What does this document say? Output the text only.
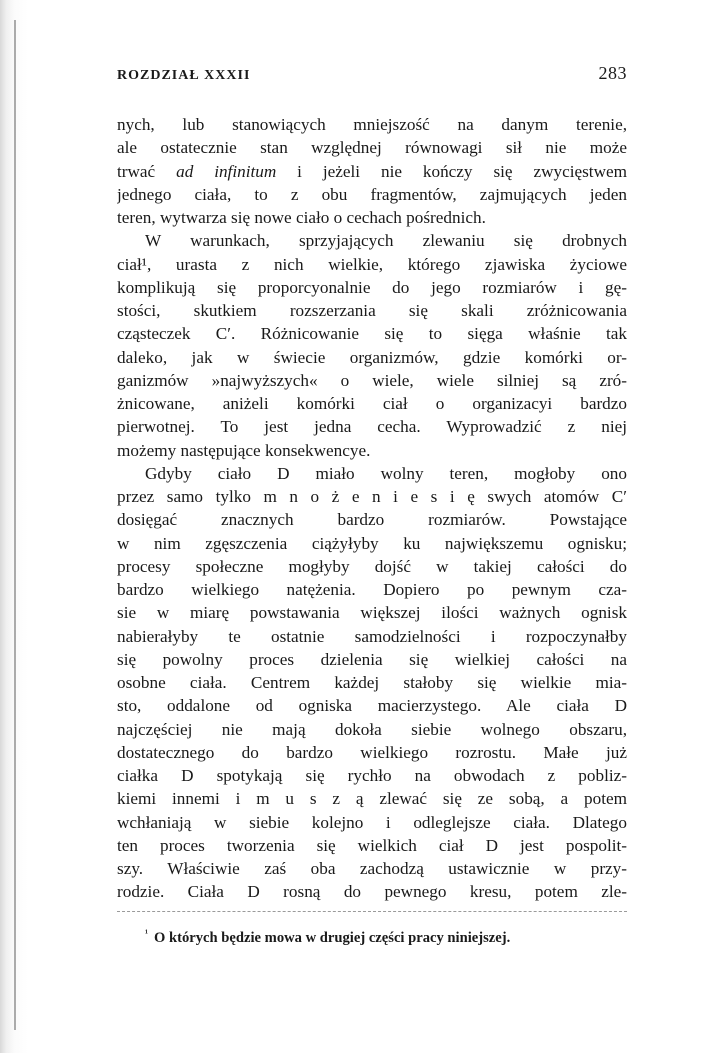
ROZDZIAŁ XXXII	283
nych, lub stanowiących mniejszość na danym terenie,
ale ostatecznie stan względnej równowagi sił nie może
trwać ad infinitum i jeżeli nie kończy się zwycięstwem
jednego ciała, to z obu fragmentów, zajmujących jeden
teren, wytwarza się nowe ciało o cechach pośrednich.
W warunkach, sprzyjających zlewaniu się drobnych
ciał¹, urasta z nich wielkie, którego zjawiska życiowe
komplikują się proporcyonalnie do jego rozmiarów i gę-
stości, skutkiem rozszerzania się skali zróżnicowania
cząsteczek C′. Różnicowanie się to sięga właśnie tak
daleko, jak w świecie organizmów, gdzie komórki or-
ganizmów »najwyższych« o wiele, wiele silniej są zró-
żnicowane, aniżeli komórki ciał o organizacyi bardzo
pierwotnej. To jest jedna cecha. Wyprowadzić z niej
możemy następujące konsekwencye.
Gdyby ciało D miało wolny teren, mogłoby ono
przez samo tylko m n o ż e n i e s i ę swych atomów C′
dosięgać znacznych bardzo rozmiarów. Powstające
w nim zgęszczenia ciążyłyby ku największemu ognisku;
procesy społeczne mogłyby dojść w takiej całości do
bardzo wielkiego natężenia. Dopiero po pewnym cza-
sie w miarę powstawania większej ilości ważnych ognisk
nabierałyby te ostatnie samodzielności i rozpoczynałby
się powolny proces dzielenia się wielkiej całości na
osobne ciała. Centrem każdej stałoby się wielkie mia-
sto, oddalone od ogniska macierzystego. Ale ciała D
najczęściej nie mają dokoła siebie wolnego obszaru,
dostatecznego do bardzo wielkiego rozrostu. Małe już
ciałka D spotykają się rychło na obwodach z pobliz-
kiemi innemi i m u s z ą zlewać się ze sobą, a potem
wchłaniają w siebie kolejno i odleglejsze ciała. Dlatego
ten proces tworzenia się wielkich ciał D jest pospolit-
szy. Właściwie zaś oba zachodzą ustawicznie w przy-
rodzie. Ciała D rosną do pewnego kresu, potem zle-
$^{^1}$ O których będzie mowa w drugiej części pracy niniejszej.
